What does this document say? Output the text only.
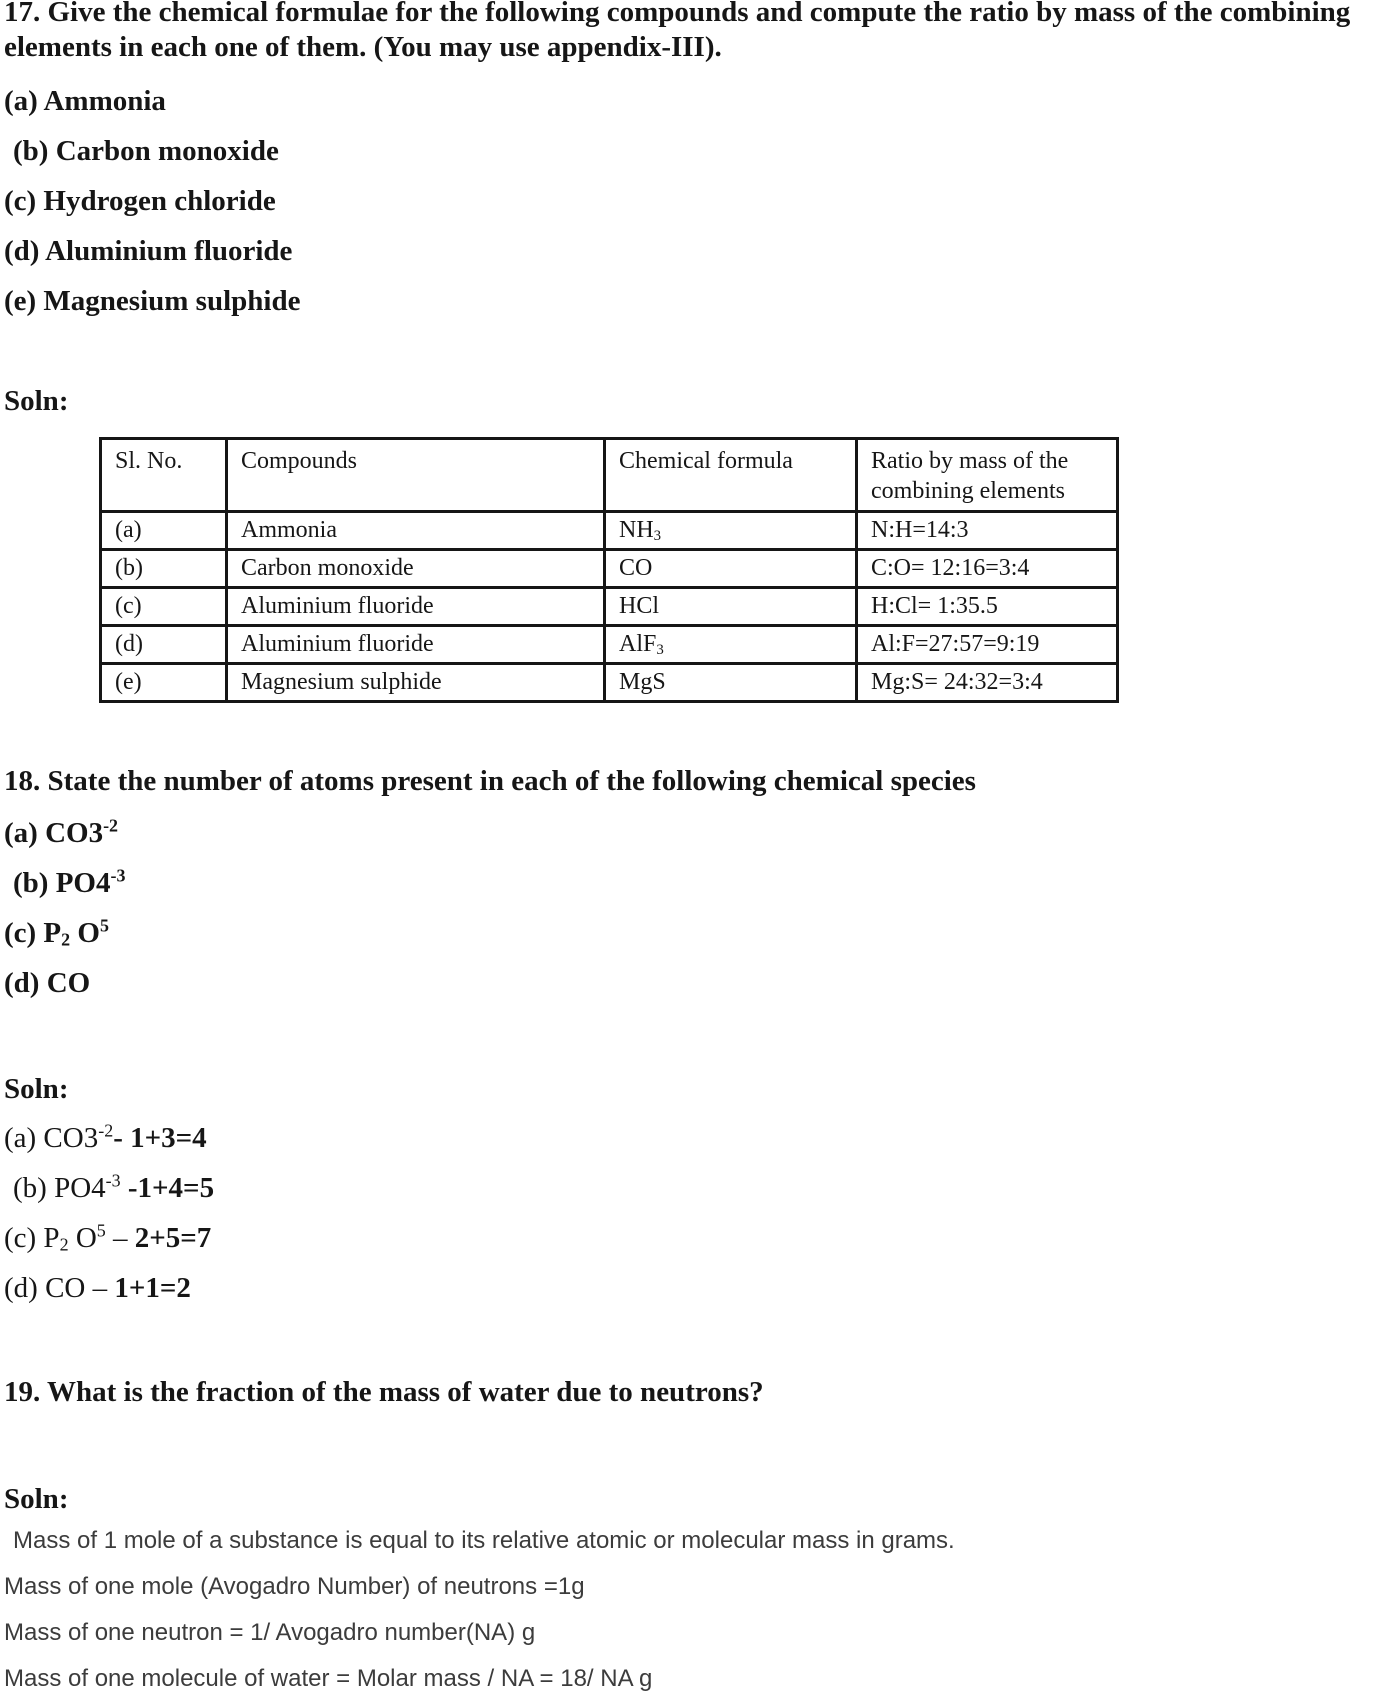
17. Give the chemical formulae for the following compounds and compute the ratio by mass of the combining elements in each one of them. (You may use appendix-III).
(a) Ammonia
(b) Carbon monoxide
(c) Hydrogen chloride
(d) Aluminium fluoride
(e) Magnesium sulphide
Soln:
Sl. No.	Compounds	Chemical formula	Ratio by mass of the combining elements
(a)	Ammonia	$NH_3$	N:H=14:3
(b)	Carbon monoxide	CO	C:O= 12:16=3:4
(c)	Aluminium fluoride	HCl	H:Cl= 1:35.5
(d)	Aluminium fluoride	AlF$_3$	Al:F=27:57=9:19
(e)	Magnesium sulphide	MgS	Mg:S= 24:32=3:4
18. State the number of atoms present in each of the following chemical species
(a) $CO3^{-2}$
(b) $PO4^{-3}$
(c) $P_2$ $O^5$
(d) CO
Soln:
(a) $CO3^{-2}-$ 1+3=4
(b) $PO4^{-3}$ -1+4=5
(c) $P_2$ $O^5 - 2+5=7$
(d) CO – 1+1=2
19. What is the fraction of the mass of water due to neutrons?
Soln:
Mass of 1 mole of a substance is equal to its relative atomic or molecular mass in grams.
Mass of one mole (Avogadro Number) of neutrons =1g
Mass of one neutron = 1/ Avogadro number(NA) g
Mass of one molecule of water = Molar mass / NA = 18/ NA g
